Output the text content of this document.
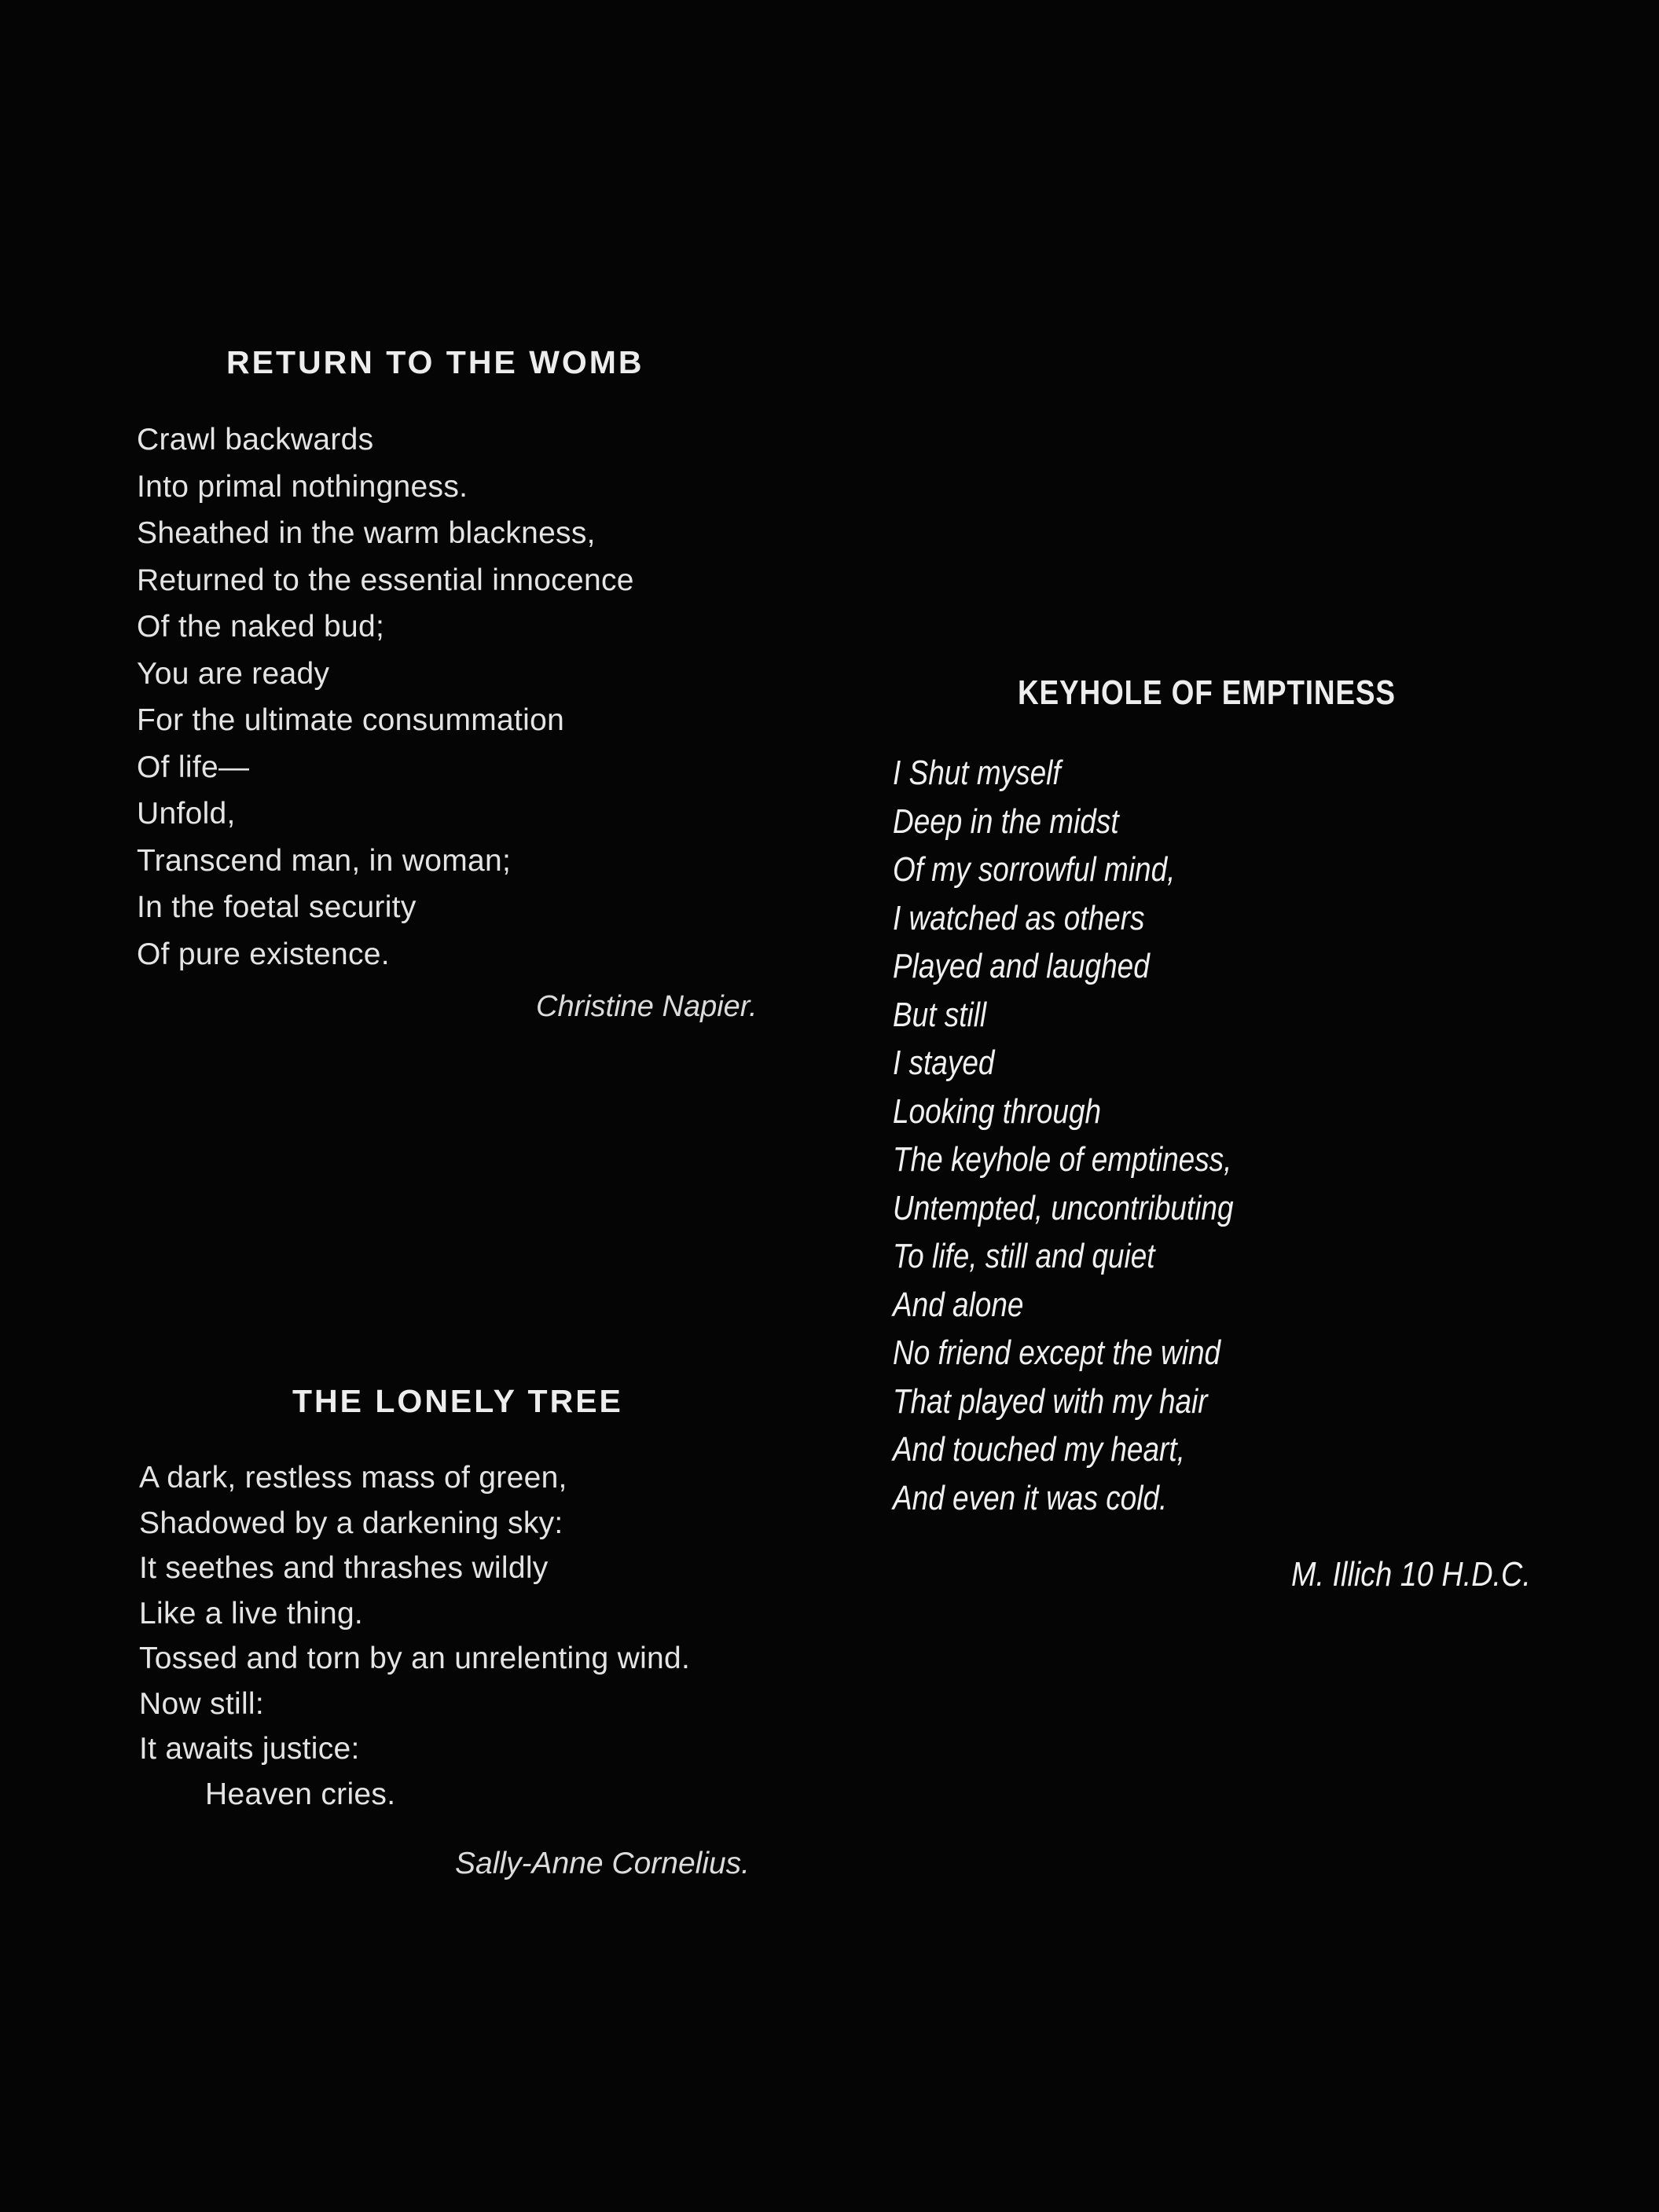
RETURN TO THE WOMB
Crawl backwards
Into primal nothingness.
Sheathed in the warm blackness,
Returned to the essential innocence
Of the naked bud;
You are ready
For the ultimate consummation
Of life—
Unfold,
Transcend man, in woman;
In the foetal security
Of pure existence.
Christine Napier.
THE LONELY TREE
A dark, restless mass of green,
Shadowed by a darkening sky:
It seethes and thrashes wildly
Like a live thing.
Tossed and torn by an unrelenting wind.
Now still:
It awaits justice:
Heaven cries.
Sally-Anne Cornelius.
KEYHOLE OF EMPTINESS
I Shut myself
Deep in the midst
Of my sorrowful mind,
I watched as others
Played and laughed
But still
I stayed
Looking through
The keyhole of emptiness,
Untempted, uncontributing
To life, still and quiet
And alone
No friend except the wind
That played with my hair
And touched my heart,
And even it was cold.
M. Illich 10 H.D.C.
